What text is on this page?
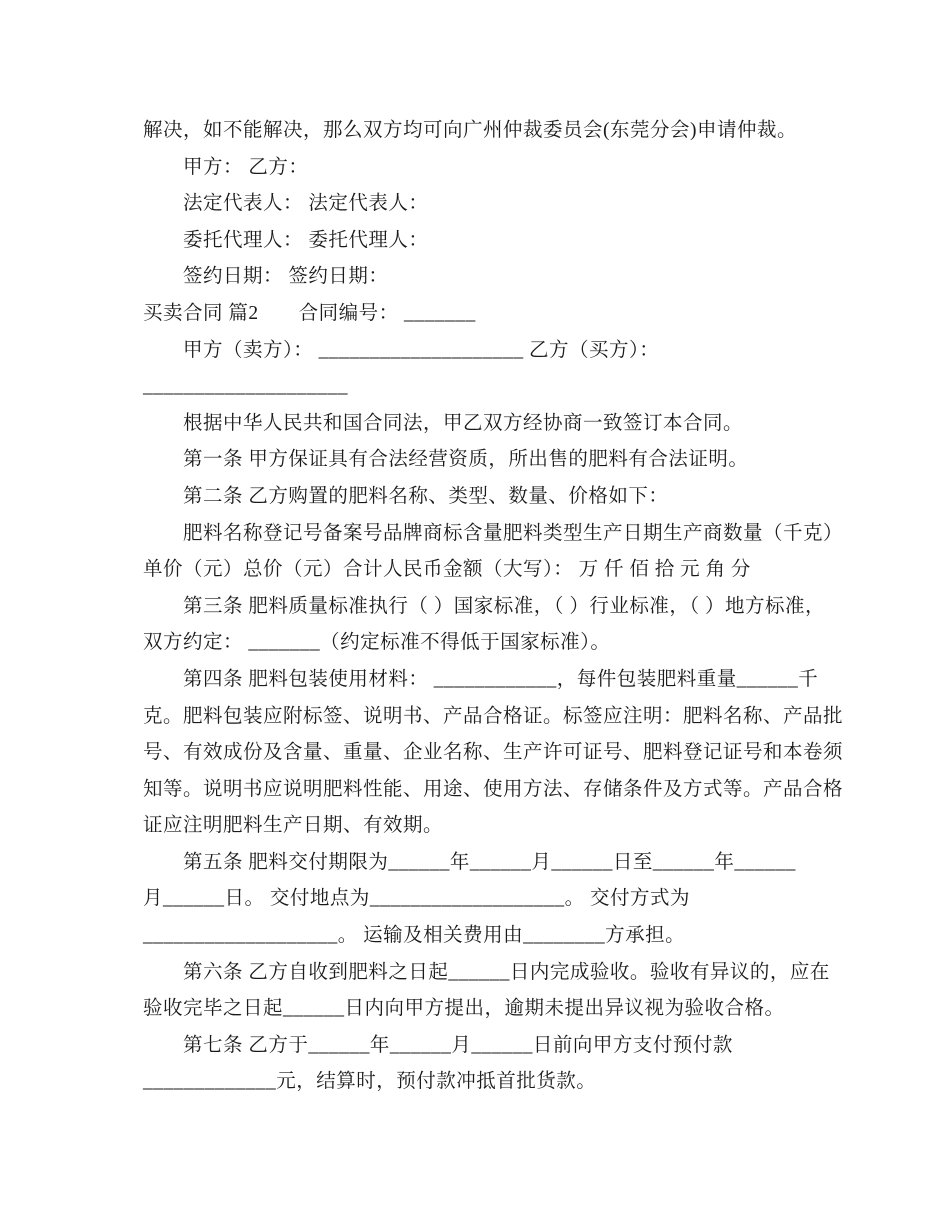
解决，如不能解决，那么双方均可向广州仲裁委员会(东莞分会)申请仲裁。
甲方： 乙方：
法定代表人： 法定代表人：
委托代理人： 委托代理人：
签约日期： 签约日期：
买卖合同 篇2　　合同编号： _______
甲方（卖方）： ____________________ 乙方（买方）：
____________________
根据中华人民共和国合同法，甲乙双方经协商一致签订本合同。
第一条 甲方保证具有合法经营资质，所出售的肥料有合法证明。
第二条 乙方购置的肥料名称、类型、数量、价格如下：
肥料名称登记号备案号品牌商标含量肥料类型生产日期生产商数量（千克）
单价（元）总价（元）合计人民币金额（大写）： 万 仟 佰 拾 元 角 分
第三条 肥料质量标准执行（ ）国家标准，（ ）行业标准，（ ）地方标准，
双方约定： _______（约定标准不得低于国家标准）。
第四条 肥料包装使用材料： ____________，每件包装肥料重量______千
克。肥料包装应附标签、说明书、产品合格证。标签应注明：肥料名称、产品批
号、有效成份及含量、重量、企业名称、生产许可证号、肥料登记证号和本卷须
知等。说明书应说明肥料性能、用途、使用方法、存储条件及方式等。产品合格
证应注明肥料生产日期、有效期。
第五条 肥料交付期限为______年______月______日至______年______
月______日。 交付地点为___________________。 交付方式为
___________________。 运输及相关费用由________方承担。
第六条 乙方自收到肥料之日起______日内完成验收。验收有异议的，应在
验收完毕之日起______日内向甲方提出，逾期未提出异议视为验收合格。
第七条 乙方于______年______月______日前向甲方支付预付款
_____________元，结算时，预付款冲抵首批货款。
